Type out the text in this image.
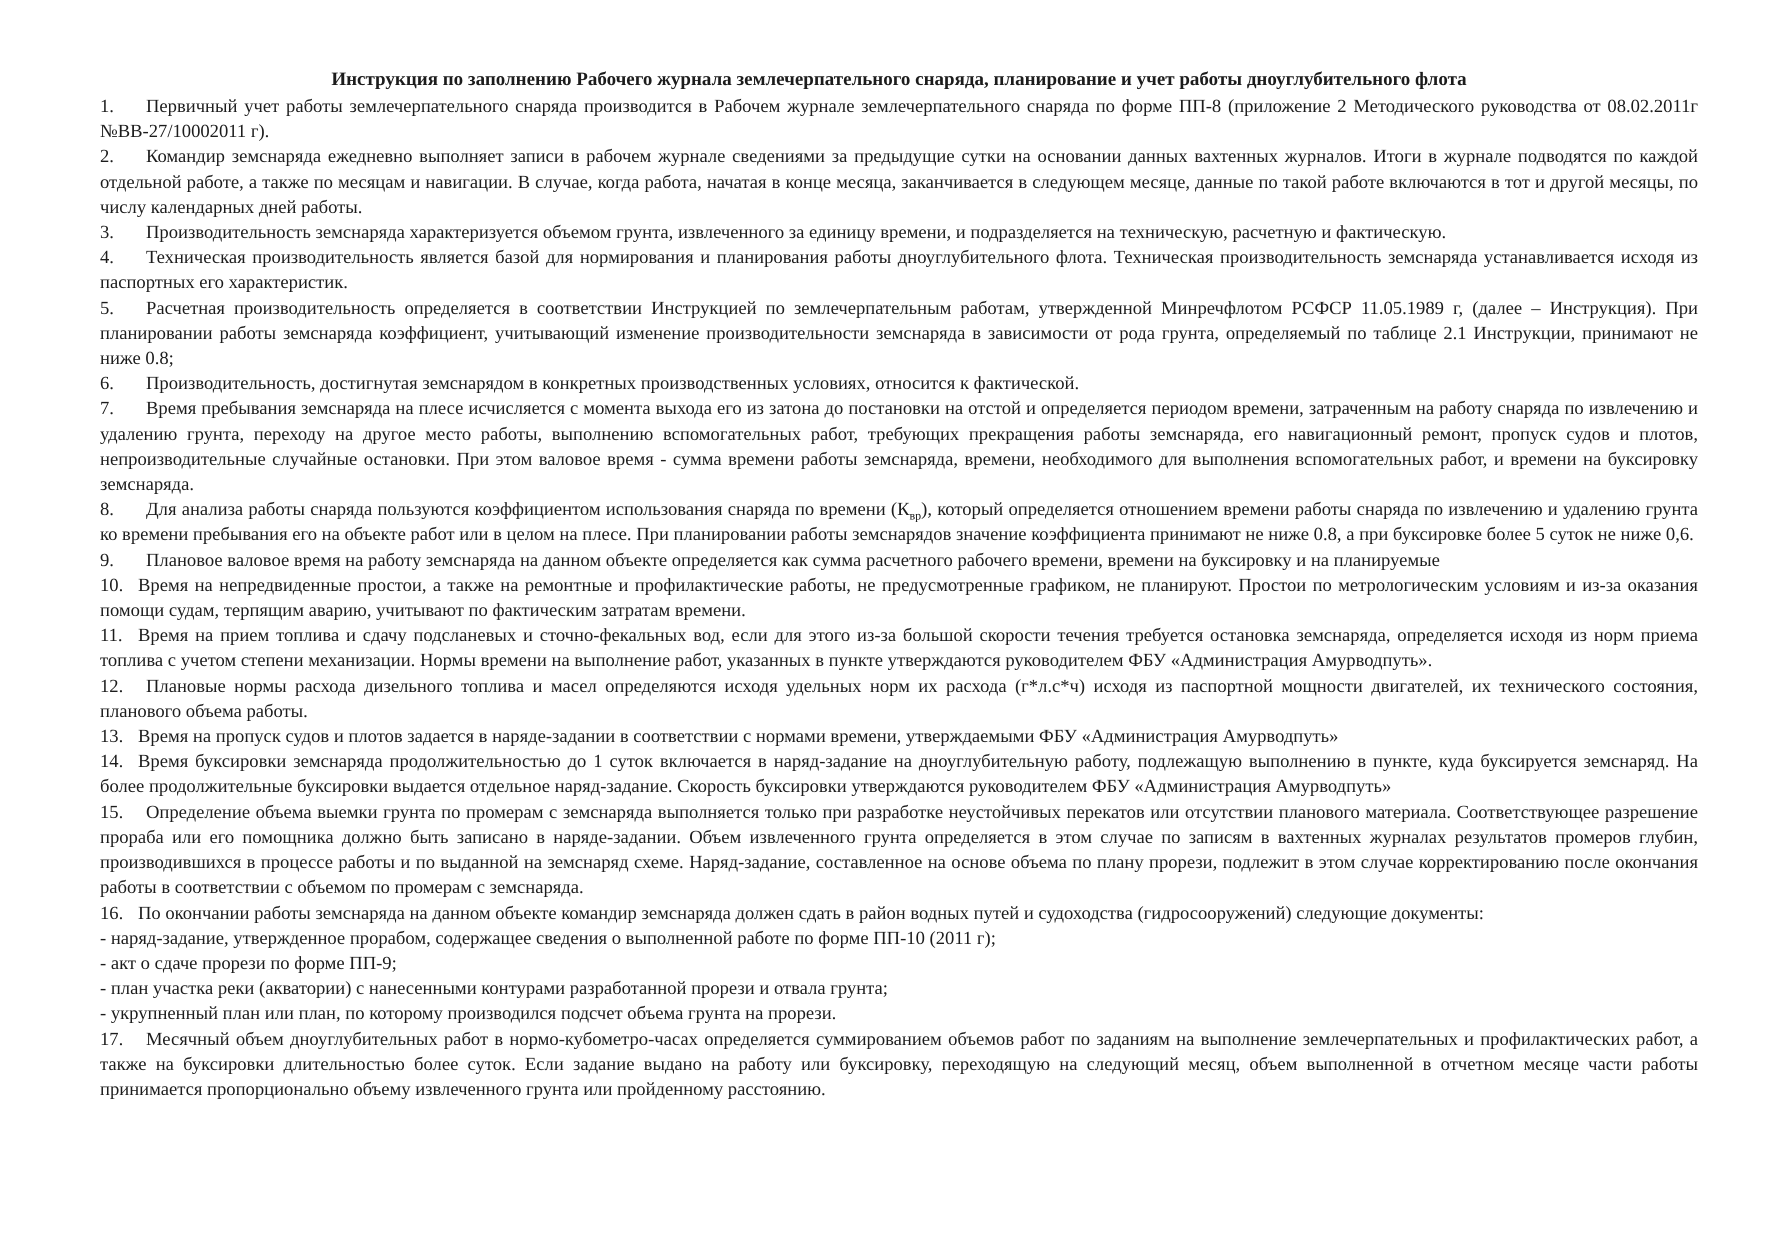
Инструкция по заполнению Рабочего журнала землечерпательного снаряда, планирование и учет работы дноуглубительного флота

1. Первичный учет работы землечерпательного снаряда производится в Рабочем журнале землечерпательного снаряда по форме ПП-8 (приложение 2 Методического руководства от 08.02.2011г №ВВ-27/10002011 г).

2. Командир земснаряда ежедневно выполняет записи в рабочем журнале сведениями за предыдущие сутки на основании данных вахтенных журналов. Итоги в журнале подводятся по каждой отдельной работе, а также по месяцам и навигации. В случае, когда работа, начатая в конце месяца, заканчивается в следующем месяце, данные по такой работе включаются в тот и другой месяцы, по числу календарных дней работы.

3. Производительность земснаряда характеризуется объемом грунта, извлеченного за единицу времени, и подразделяется на техническую, расчетную и фактическую.

4. Техническая производительность является базой для нормирования и планирования работы дноуглубительного флота. Техническая производительность земснаряда устанавливается исходя из паспортных его характеристик.

5. Расчетная производительность определяется в соответствии Инструкцией по землечерпательным работам, утвержденной Минречфлотом РСФСР 11.05.1989 г, (далее – Инструкция). При планировании работы земснаряда коэффициент, учитывающий изменение производительности земснаряда в зависимости от рода грунта, определяемый по таблице 2.1 Инструкции, принимают не ниже 0.8;

6. Производительность, достигнутая земснарядом в конкретных производственных условиях, относится к фактической.

7. Время пребывания земснаряда на плесе исчисляется с момента выхода его из затона до постановки на отстой и определяется периодом времени, затраченным на работу снаряда по извлечению и удалению грунта, переходу на другое место работы, выполнению вспомогательных работ, требующих прекращения работы земснаряда, его навигационный ремонт, пропуск судов и плотов, непроизводительные случайные остановки. При этом валовое время - сумма времени работы земснаряда, времени, необходимого для выполнения вспомогательных работ, и времени на буксировку земснаряда.

8. Для анализа работы снаряда пользуются коэффициентом использования снаряда по времени $(К_{вр})$, который определяется отношением времени работы снаряда по извлечению и удалению грунта ко времени пребывания его на объекте работ или в целом на плесе. При планировании работы земснарядов значение коэффициента принимают не ниже 0.8, а при буксировке более 5 суток не ниже 0,6.

9. Плановое валовое время на работу земснаряда на данном объекте определяется как сумма расчетного рабочего времени, времени на буксировку и на планируемые

10. Время на непредвиденные простои, а также на ремонтные и профилактические работы, не предусмотренные графиком, не планируют. Простои по метрологическим условиям и из-за оказания помощи судам, терпящим аварию, учитывают по фактическим затратам времени.

11. Время на прием топлива и сдачу подсланевых и сточно-фекальных вод, если для этого из-за большой скорости течения требуется остановка земснаряда, определяется исходя из норм приема топлива с учетом степени механизации. Нормы времени на выполнение работ, указанных в пункте утверждаются руководителем ФБУ «Администрация Амурводпуть».

12. Плановые нормы расхода дизельного топлива и масел определяются исходя удельных норм их расхода (г*л.с*ч) исходя из паспортной мощности двигателей, их технического состояния, планового объема работы.

13. Время на пропуск судов и плотов задается в наряде-задании в соответствии с нормами времени, утверждаемыми ФБУ «Администрация Амурводпуть»

14. Время буксировки земснаряда продолжительностью до 1 суток включается в наряд-задание на дноуглубительную работу, подлежащую выполнению в пункте, куда буксируется земснаряд. На более продолжительные буксировки выдается отдельное наряд-задание. Скорость буксировки утверждаются руководителем ФБУ «Администрация Амурводпуть»

15. Определение объема выемки грунта по промерам с земснаряда выполняется только при разработке неустойчивых перекатов или отсутствии планового материала. Соответствующее разрешение прораба или его помощника должно быть записано в наряде-задании. Объем извлеченного грунта определяется в этом случае по записям в вахтенных журналах результатов промеров глубин, производившихся в процессе работы и по выданной на земснаряд схеме. Наряд-задание, составленное на основе объема по плану прорези, подлежит в этом случае корректированию после окончания работы в соответствии с объемом по промерам с земснаряда.

16. По окончании работы земснаряда на данном объекте командир земснаряда должен сдать в район водных путей и судоходства (гидросооружений) следующие документы:

- наряд-задание, утвержденное прорабом, содержащее сведения о выполненной работе по форме ПП-10 (2011 г);

- акт о сдаче прорези по форме ПП-9;

- план участка реки (акватории) с нанесенными контурами разработанной прорези и отвала грунта;

- укрупненный план или план, по которому производился подсчет объема грунта на прорези.

17. Месячный объем дноуглубительных работ в нормо-кубометро-часах определяется суммированием объемов работ по заданиям на выполнение землечерпательных и профилактических работ, а также на буксировки длительностью более суток. Если задание выдано на работу или буксировку, переходящую на следующий месяц, объем выполненной в отчетном месяце части работы принимается пропорционально объему извлеченного грунта или пройденному расстоянию.
